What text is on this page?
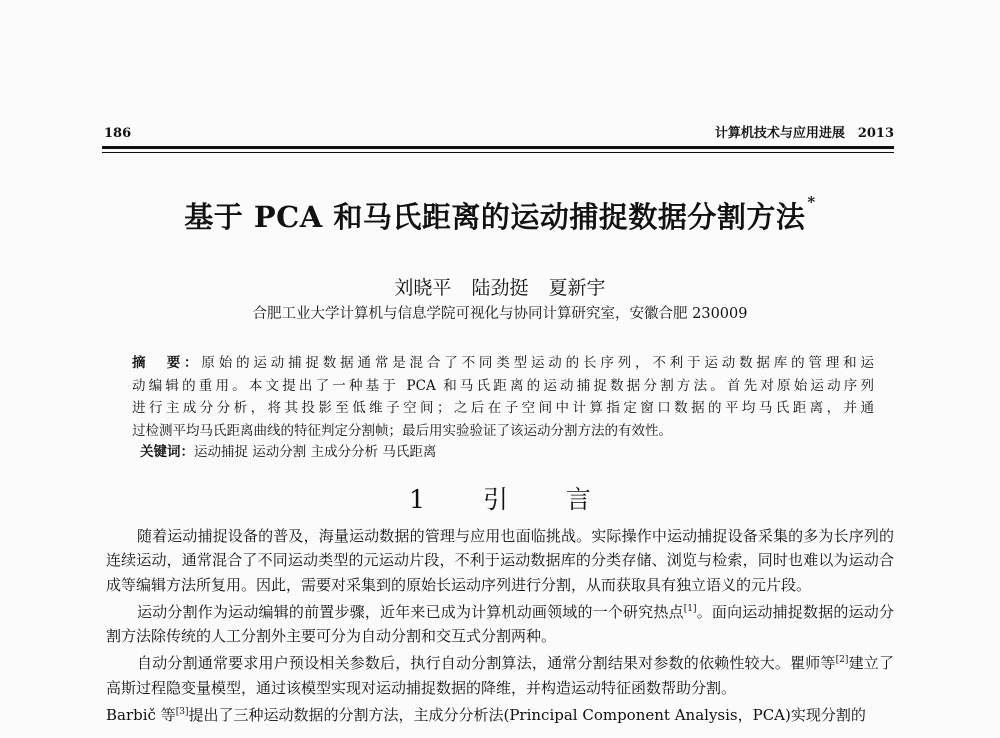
186	计算机技术与应用进展　2013
基于 PCA 和马氏距离的运动捕捉数据分割方法 *
刘晓平 陆劲挺 夏新宇
合肥工业大学计算机与信息学院可视化与协同计算研究室，安徽合肥 230009
摘　要：原始的运动捕捉数据通常是混合了不同类型运动的长序列，不利于运动数据库的管理和运
动编辑的重用。本文提出了一种基于 PCA 和马氏距离的运动捕捉数据分割方法。首先对原始运动序列
进行主成分分析，将其投影至低维子空间；之后在子空间中计算指定窗口数据的平均马氏距离，并通
过检测平均马氏距离曲线的特征判定分割帧；最后用实验验证了该运动分割方法的有效性。
关键词：运动捕捉 运动分割 主成分分析 马氏距离
1 引 言

随着运动捕捉设备的普及，海量运动数据的管理与应用也面临挑战。实际操作中运动捕捉设备采集的多为长序列的连续运动，通常混合了不同运动类型的元运动片段，不利于运动数据库的分类存储、浏览与检索，同时也难以为运动合成等编辑方法所复用。因此，需要对采集到的原始长运动序列进行分割，从而获取具有独立语义的元片段。

运动分割作为运动编辑的前置步骤，近年来已成为计算机动画领域的一个研究热点[1]。面向运动捕捉数据的运动分割方法除传统的人工分割外主要可分为自动分割和交互式分割两种。

自动分割通常要求用户预设相关参数后，执行自动分割算法，通常分割结果对参数的依赖性较大。瞿师等[2]建立了高斯过程隐变量模型，通过该模型实现对运动捕捉数据的降维，并构造运动特征函数帮助分割。

Barbič 等[3]提出了三种运动数据的分割方法，主成分分析法(Principal Component Analysis，PCA)实现分割的
